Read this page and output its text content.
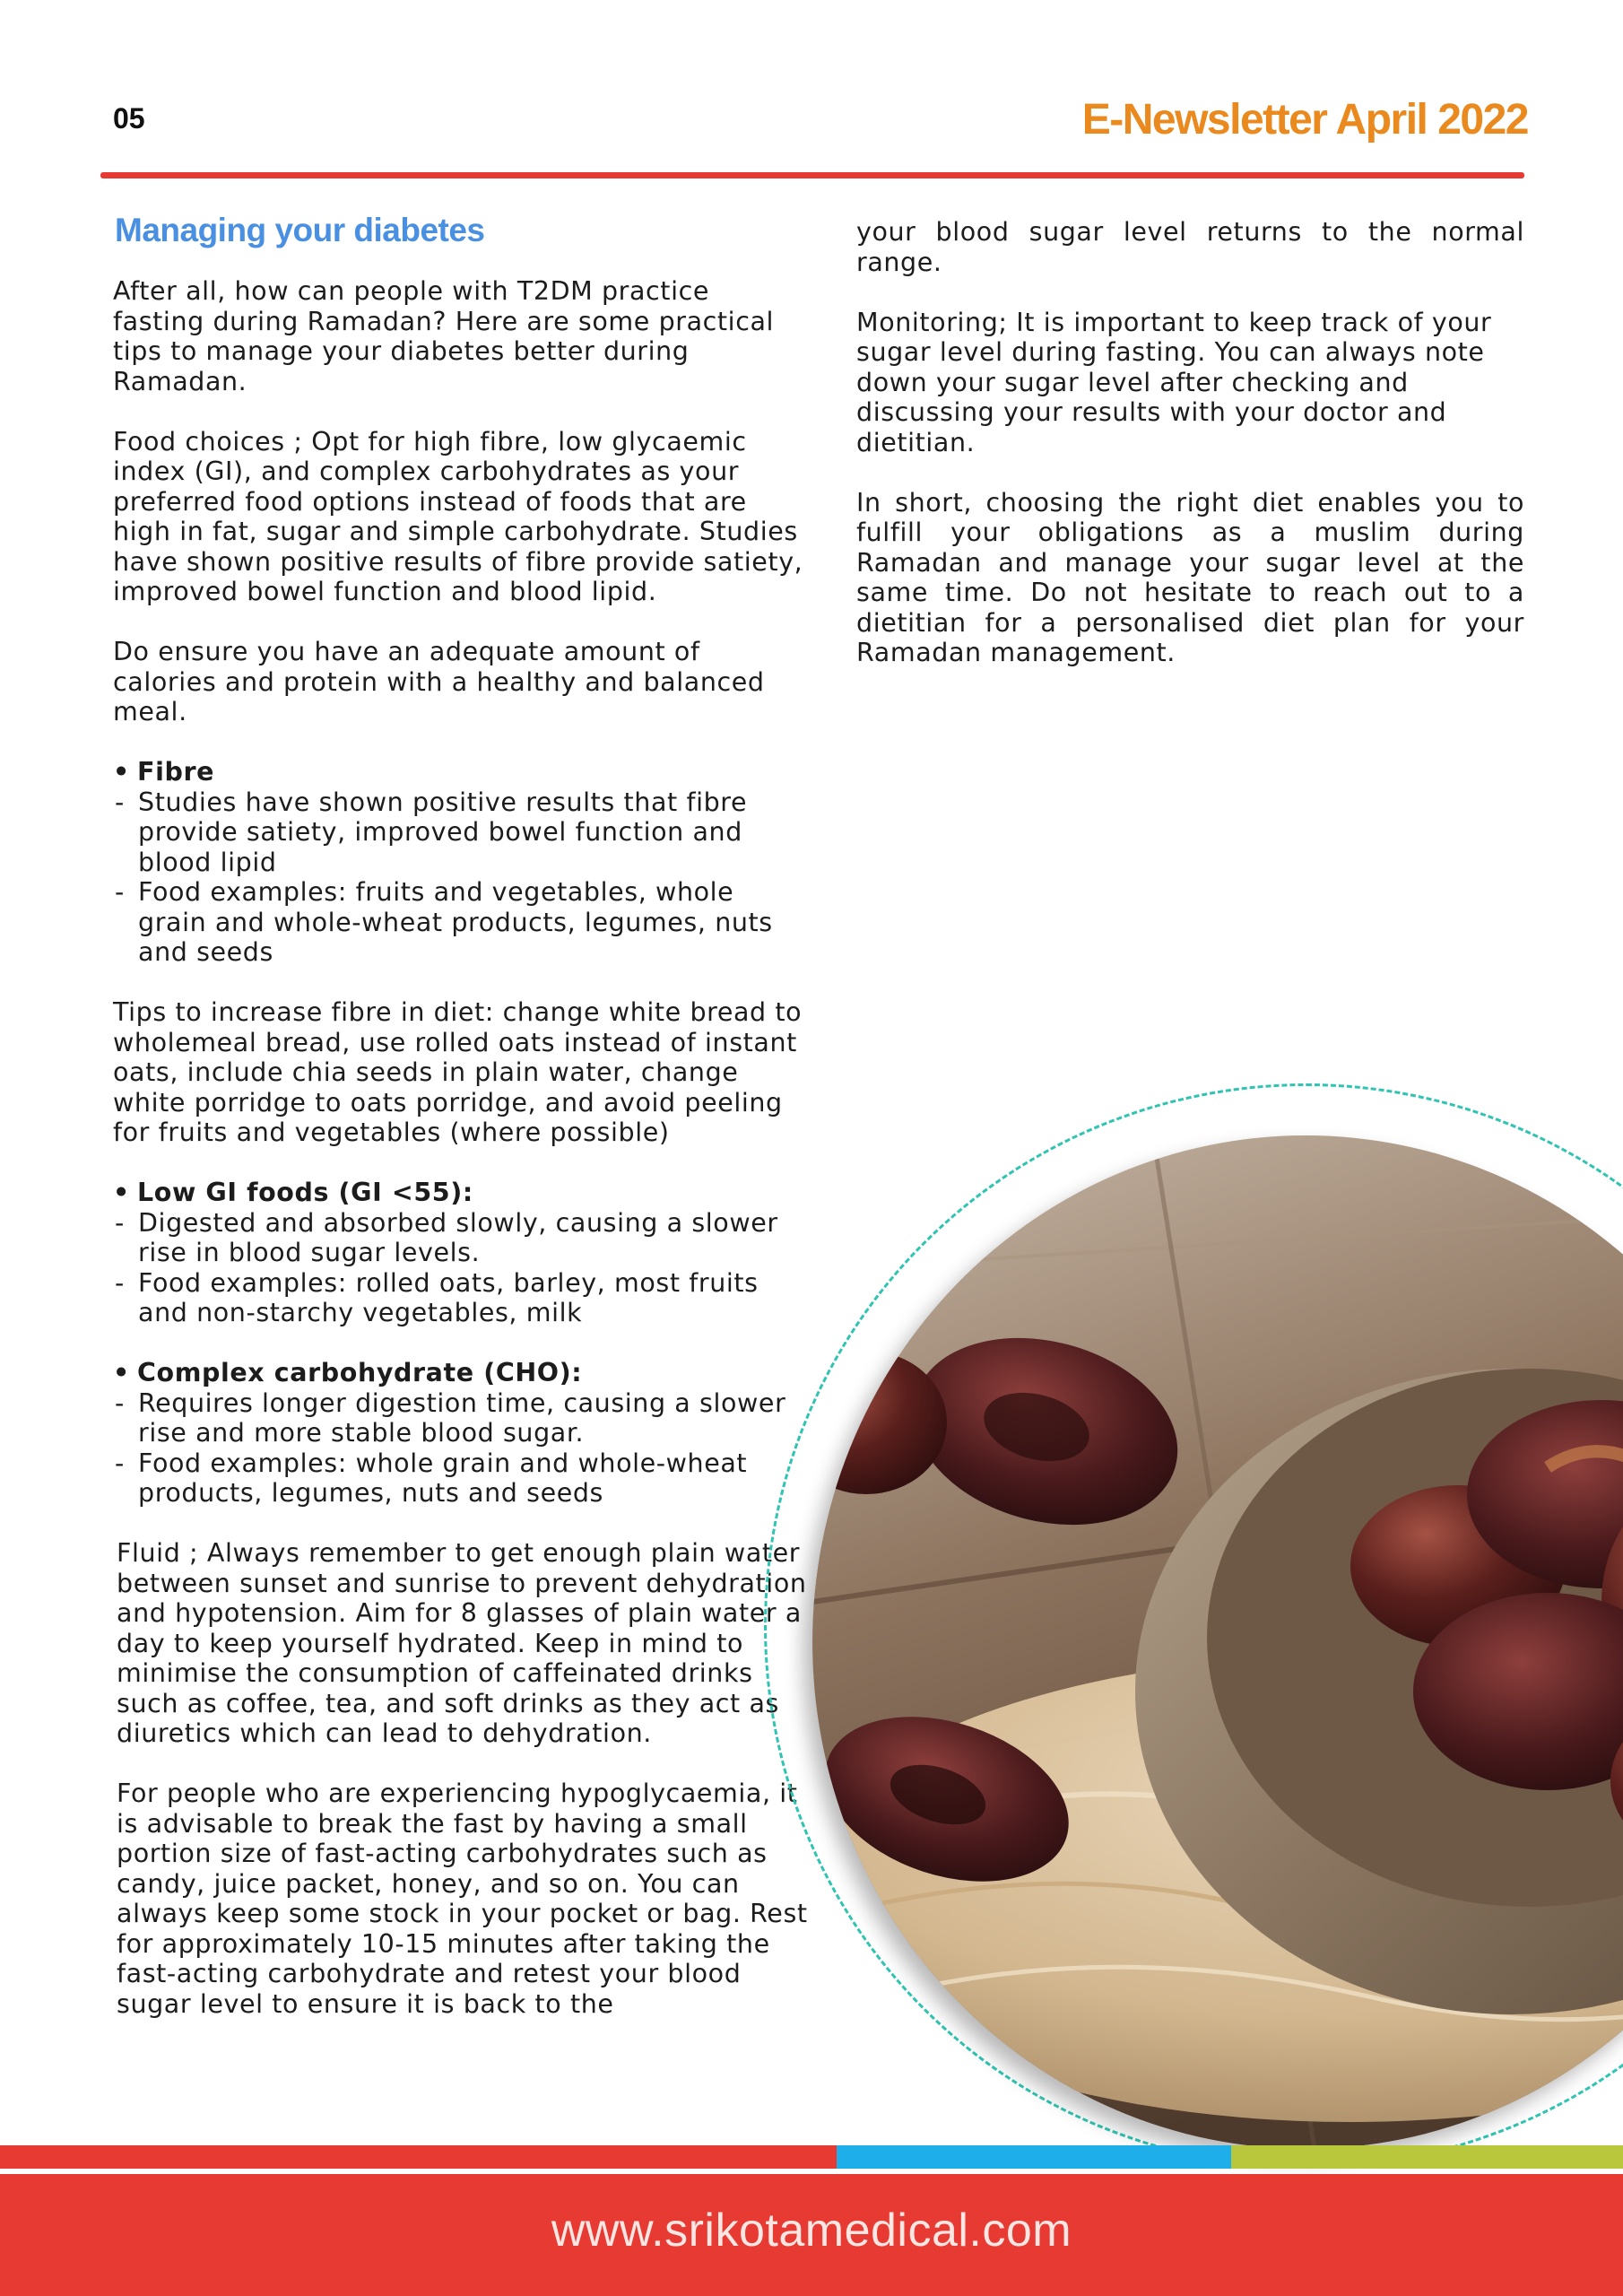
05	E-Newsletter April 2022
Managing your diabetes

After all, how can people with T2DM practice fasting during Ramadan? Here are some practical tips to manage your diabetes better during Ramadan.

Food choices ; Opt for high fibre, low glycaemic index (GI), and complex carbohydrates as your preferred food options instead of foods that are high in fat, sugar and simple carbohydrate. Studies have shown positive results of fibre provide satiety, improved bowel function and blood lipid.

Do ensure you have an adequate amount of calories and protein with a healthy and balanced meal.

• Fibre

- Studies have shown positive results that fibre provide satiety, improved bowel function and blood lipid
- Food examples: fruits and vegetables, whole grain and whole-wheat products, legumes, nuts and seeds

Tips to increase fibre in diet: change white bread to wholemeal bread, use rolled oats instead of instant oats, include chia seeds in plain water, change white porridge to oats porridge, and avoid peeling for fruits and vegetables (where possible)

• Low GI foods (GI <55):

- Digested and absorbed slowly, causing a slower rise in blood sugar levels.
- Food examples: rolled oats, barley, most fruits and non-starchy vegetables, milk

• Complex carbohydrate (CHO):

- Requires longer digestion time, causing a slower rise and more stable blood sugar.
- Food examples: whole grain and whole-wheat products, legumes, nuts and seeds

Fluid ; Always remember to get enough plain water between sunset and sunrise to prevent dehydration and hypotension. Aim for 8 glasses of plain water a day to keep yourself hydrated. Keep in mind to minimise the consumption of caffeinated drinks such as coffee, tea, and soft drinks as they act as diuretics which can lead to dehydration.

For people who are experiencing hypoglycaemia, it is advisable to break the fast by having a small portion size of fast-acting carbohydrates such as candy, juice packet, honey, and so on. You can always keep some stock in your pocket or bag. Rest for approximately 10-15 minutes after taking the fast-acting carbohydrate and retest your blood sugar level to ensure it is back to the

your blood sugar level returns to the normal range.

Monitoring; It is important to keep track of your sugar level during fasting. You can always note down your sugar level after checking and discussing your results with your doctor and dietitian.

In short, choosing the right diet enables you to fulfill your obligations as a muslim during Ramadan and manage your sugar level at the same time. Do not hesitate to reach out to a dietitian for a personalised diet plan for your Ramadan management.

www.srikotamedical.com
